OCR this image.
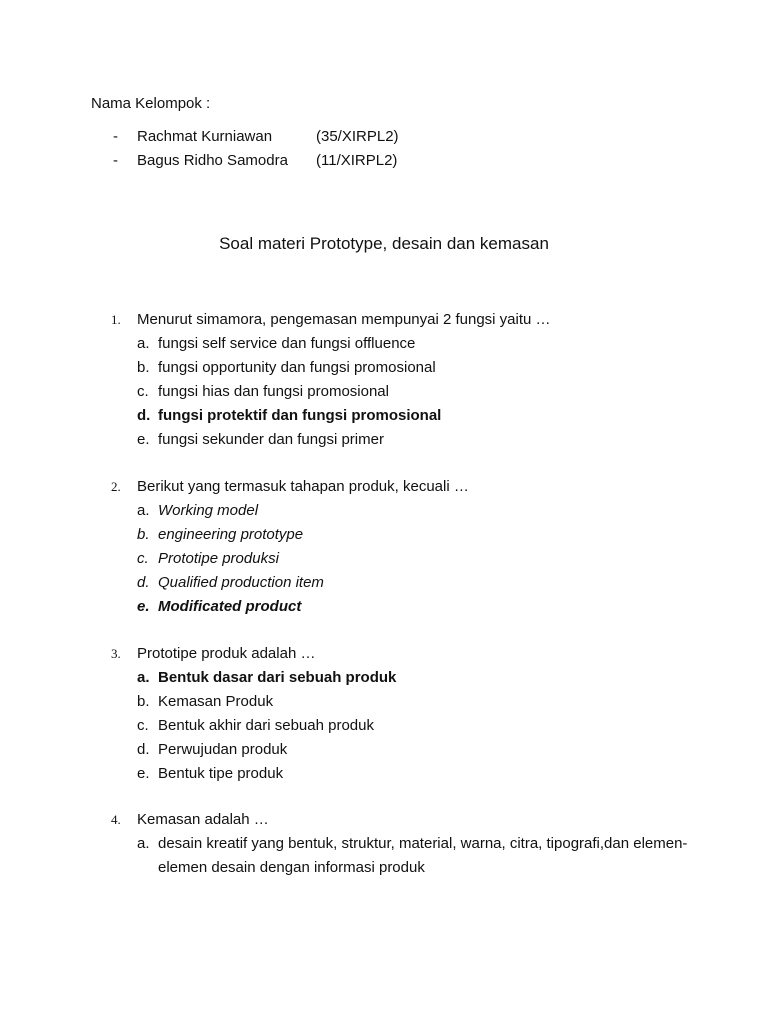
Nama Kelompok :
- Rachmat Kurniawan	(35/XIRPL2)
- Bagus Ridho Samodra (11/XIRPL2)
Soal materi Prototype, desain dan kemasan
1. Menurut simamora, pengemasan mempunyai 2 fungsi yaitu …
a. fungsi self service dan fungsi offluence
b. fungsi opportunity dan fungsi promosional
c. fungsi hias dan fungsi promosional
d. fungsi protektif dan fungsi promosional
e. fungsi sekunder dan fungsi primer
2. Berikut yang termasuk tahapan produk, kecuali …
a. Working model
b. engineering prototype
c. Prototipe produksi
d. Qualified production item
e. Modificated product
3. Prototipe produk adalah …
a. Bentuk dasar dari sebuah produk
b. Kemasan Produk
c. Bentuk akhir dari sebuah produk
d. Perwujudan produk
e. Bentuk tipe produk
4. Kemasan adalah …
a. desain kreatif yang bentuk, struktur, material, warna, citra, tipografi,dan elemen-elemen desain dengan informasi produk
